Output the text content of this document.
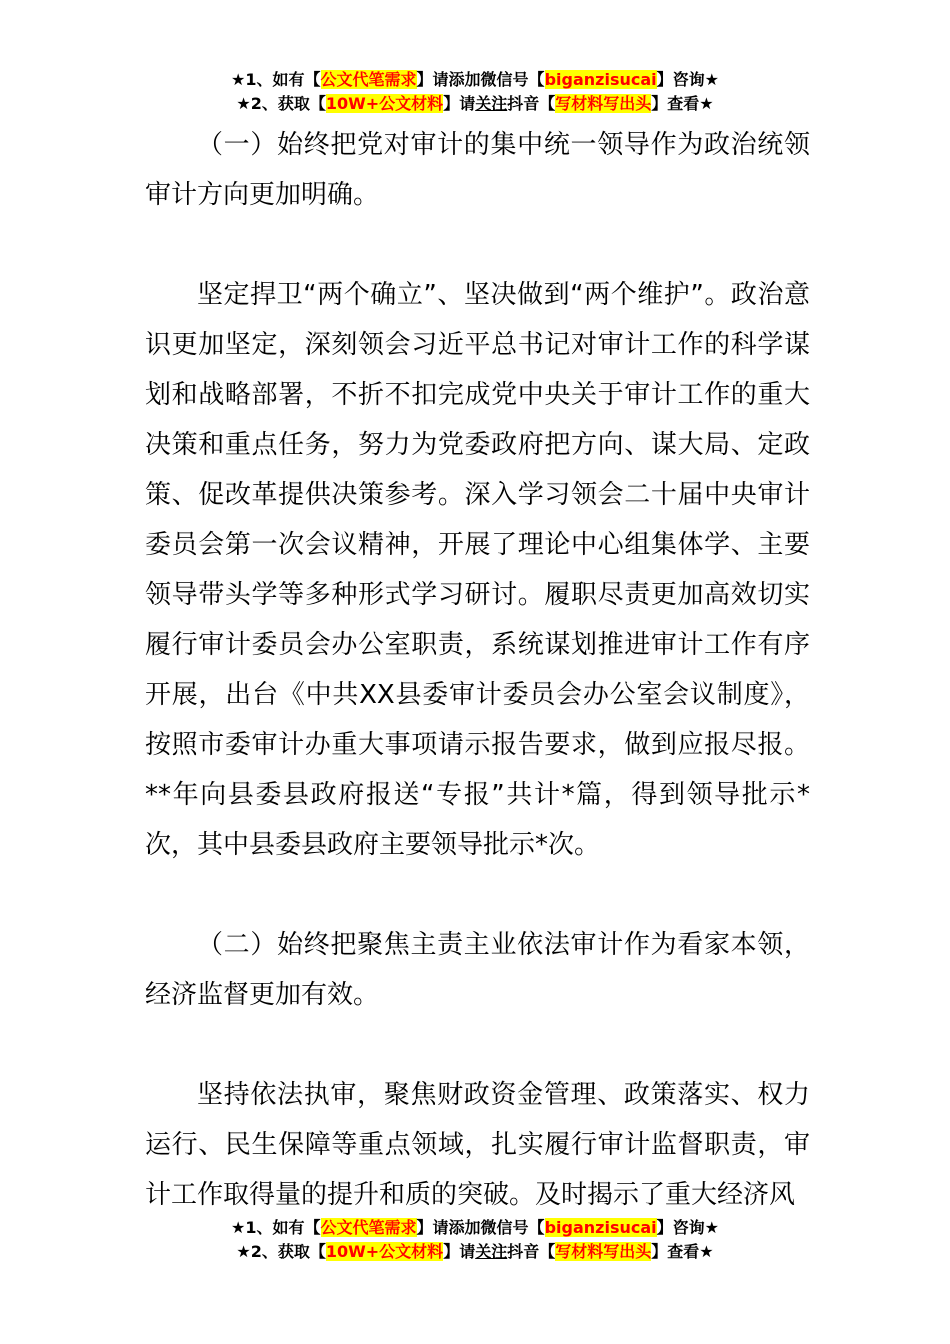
★1、如有【公文代笔需求】请添加微信号【biganzisucai】咨询★
★2、获取【10W+公文材料】请关注抖音【写材料写出头】查看★

（一）始终把党对审计的集中统一领导作为政治统领审计方向更加明确。

坚定捍卫“两个确立”、坚决做到“两个维护”。政治意识更加坚定，深刻领会习近平总书记对审计工作的科学谋划和战略部署，不折不扣完成党中央关于审计工作的重大决策和重点任务，努力为党委政府把方向、谋大局、定政策、促改革提供决策参考。深入学习领会二十届中央审计委员会第一次会议精神，开展了理论中心组集体学、主要领导带头学等多种形式学习研讨。履职尽责更加高效切实履行审计委员会办公室职责，系统谋划推进审计工作有序开展，出台《中共XX县委审计委员会办公室会议制度》，按照市委审计办重大事项请示报告要求，做到应报尽报。**年向县委县政府报送“专报”共计*篇，得到领导批示*次，其中县委县政府主要领导批示*次。

（二）始终把聚焦主责主业依法审计作为看家本领，经济监督更加有效。

坚持依法执审，聚焦财政资金管理、政策落实、权力运行、民生保障等重点领域，扎实履行审计监督职责，审计工作取得量的提升和质的突破。及时揭示了重大经济风

★1、如有【公文代笔需求】请添加微信号【biganzisucai】咨询★
★2、获取【10W+公文材料】请关注抖音【写材料写出头】查看★
